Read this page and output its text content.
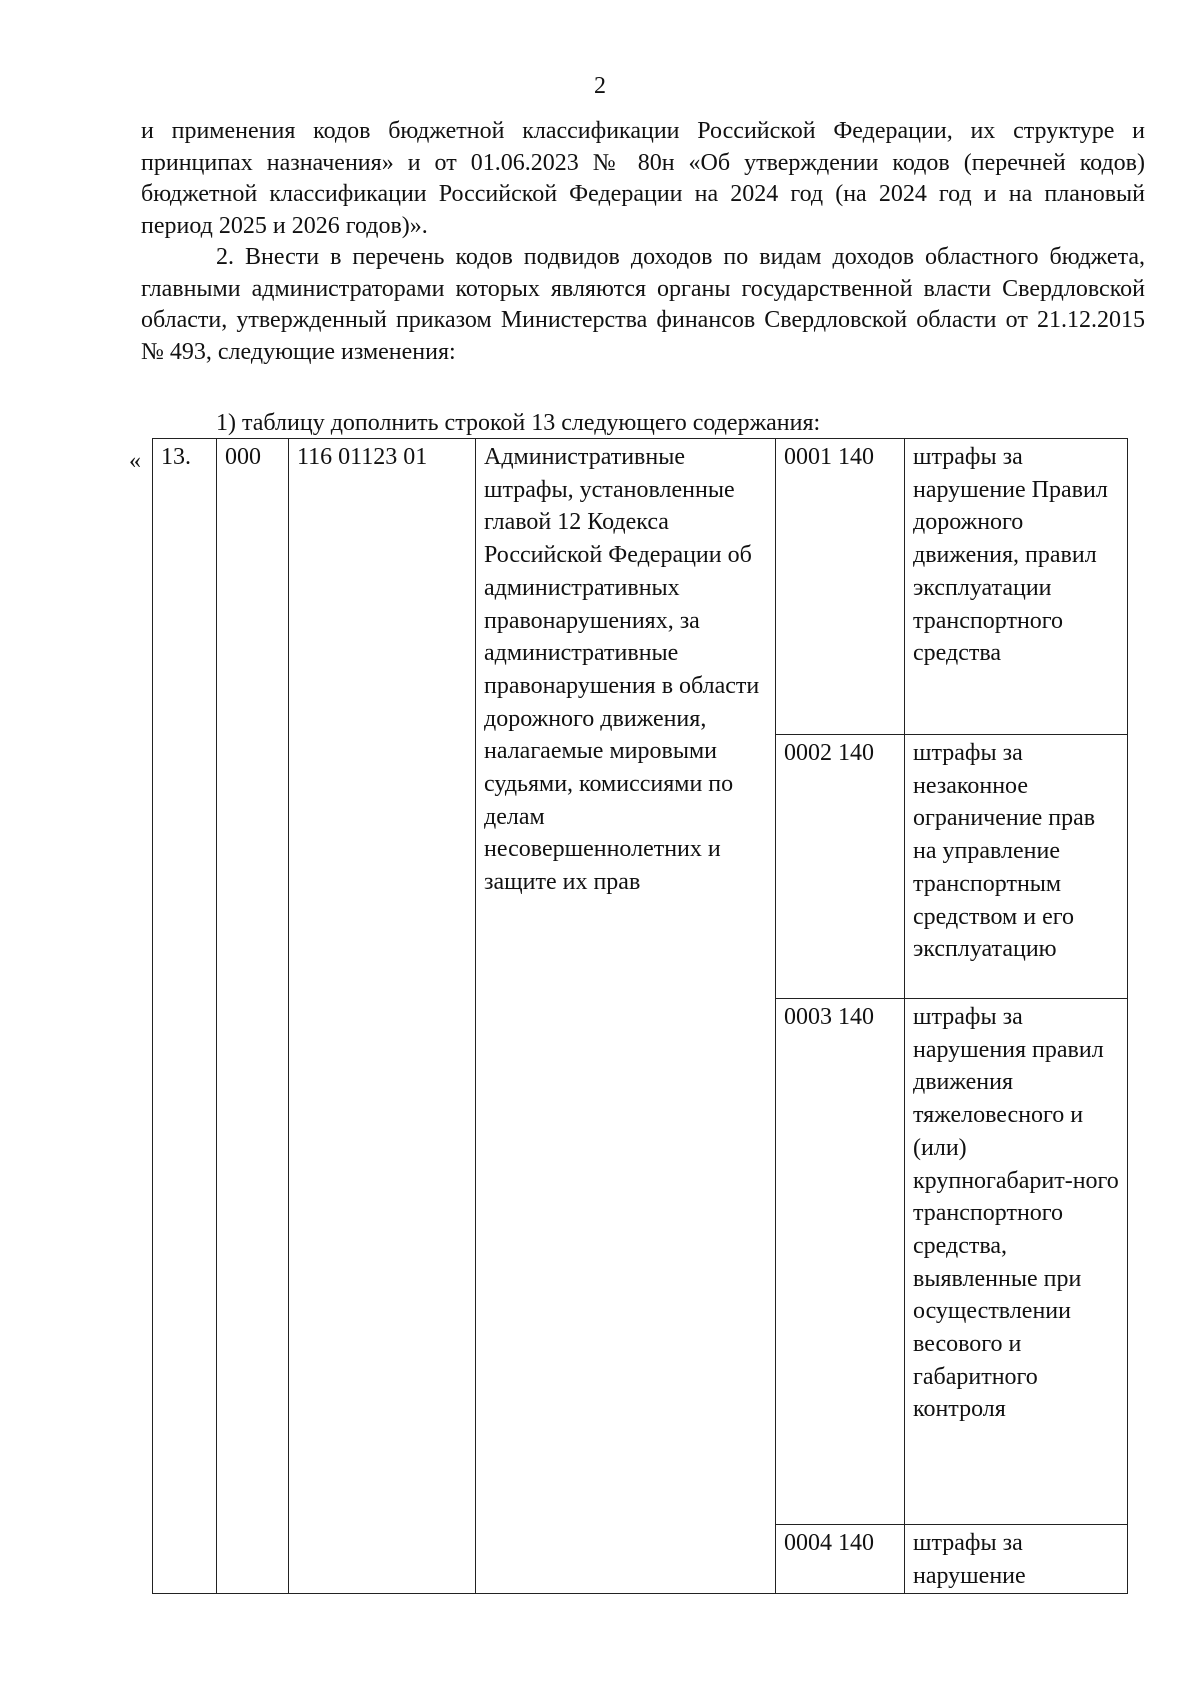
2

и применения кодов бюджетной классификации Российской Федерации, их структуре и принципах назначения» и от 01.06.2023 № 80н «Об утверждении кодов (перечней кодов) бюджетной классификации Российской Федерации на 2024 год (на 2024 год и на плановый период 2025 и 2026 годов)».

2. Внести в перечень кодов подвидов доходов по видам доходов областного бюджета, главными администраторами которых являются органы государственной власти Свердловской области, утвержденный приказом Министерства финансов Свердловской области от 21.12.2015 № 493, следующие изменения:

1) таблицу дополнить строкой 13 следующего содержания:
« 13.	000	116 01123 01	Административные штрафы, установленные главой 12 Кодекса Российской Федерации об административных правонарушениях, за административные правонарушения в области дорожного движения, налагаемые мировыми судьями, комиссиями по делам несовершеннолетних и защите их прав	0001 140	штрафы за нарушение Правил дорожного движения, правил эксплуатации транспортного средства

				0002 140	штрафы за незаконное ограничение прав на управление транспортным средством и его эксплуатацию

				0003 140	штрафы за нарушения правил движения тяжеловесного и (или) крупногабарит-ного транспортного средства, выявленные при осуществлении весового и габаритного контроля

				0004 140	штрафы за нарушение
